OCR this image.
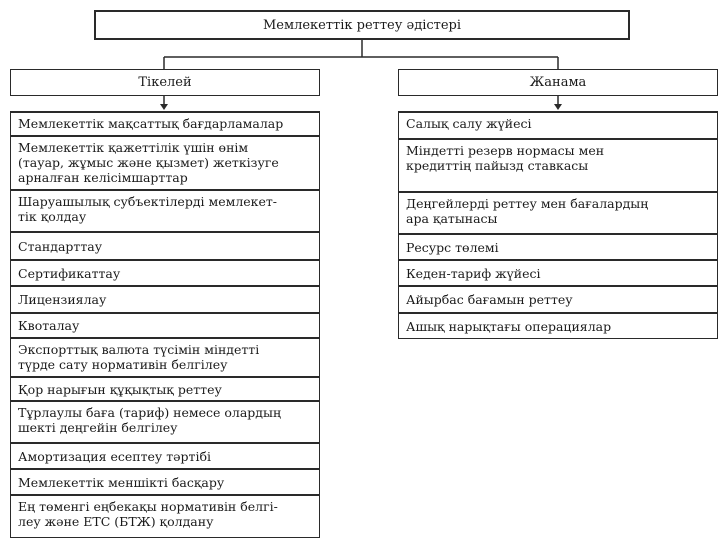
Мемлекеттік реттеу әдістері
Тікелей	Жанама
Мемлекеттік мақсаттық бағдарламалар
Мемлекеттік қажеттілік үшін өнім
(тауар, жұмыс және қызмет) жеткізуге
арналған келісімшарттар
Шаруашылық субъектілерді мемлекет-
тік қолдау
Стандарттау
Сертификаттау
Лицензиялау
Квоталау
Экспорттық валюта түсімін міндетті
түрде сату нормативін белгілеу
Қор нарығын құқықтық реттеу
Тұрлаулы баға (тариф) немесе олардың
шекті деңгейін белгілеу
Амортизация есептеу тәртібі
Мемлекеттік меншікті басқару
Ең төменгі еңбекақы нормативін белгі-
леу және ЕТС (БТЖ) қолдану
Салық салу жүйесі
Міндетті резерв нормасы мен
кредиттің пайызд ставкасы
Деңгейлерді реттеу мен бағалардың
ара қатынасы
Ресурс төлемі
Кеден-тариф жүйесі
Айырбас бағамын реттеу
Ашық нарықтағы операциялар
